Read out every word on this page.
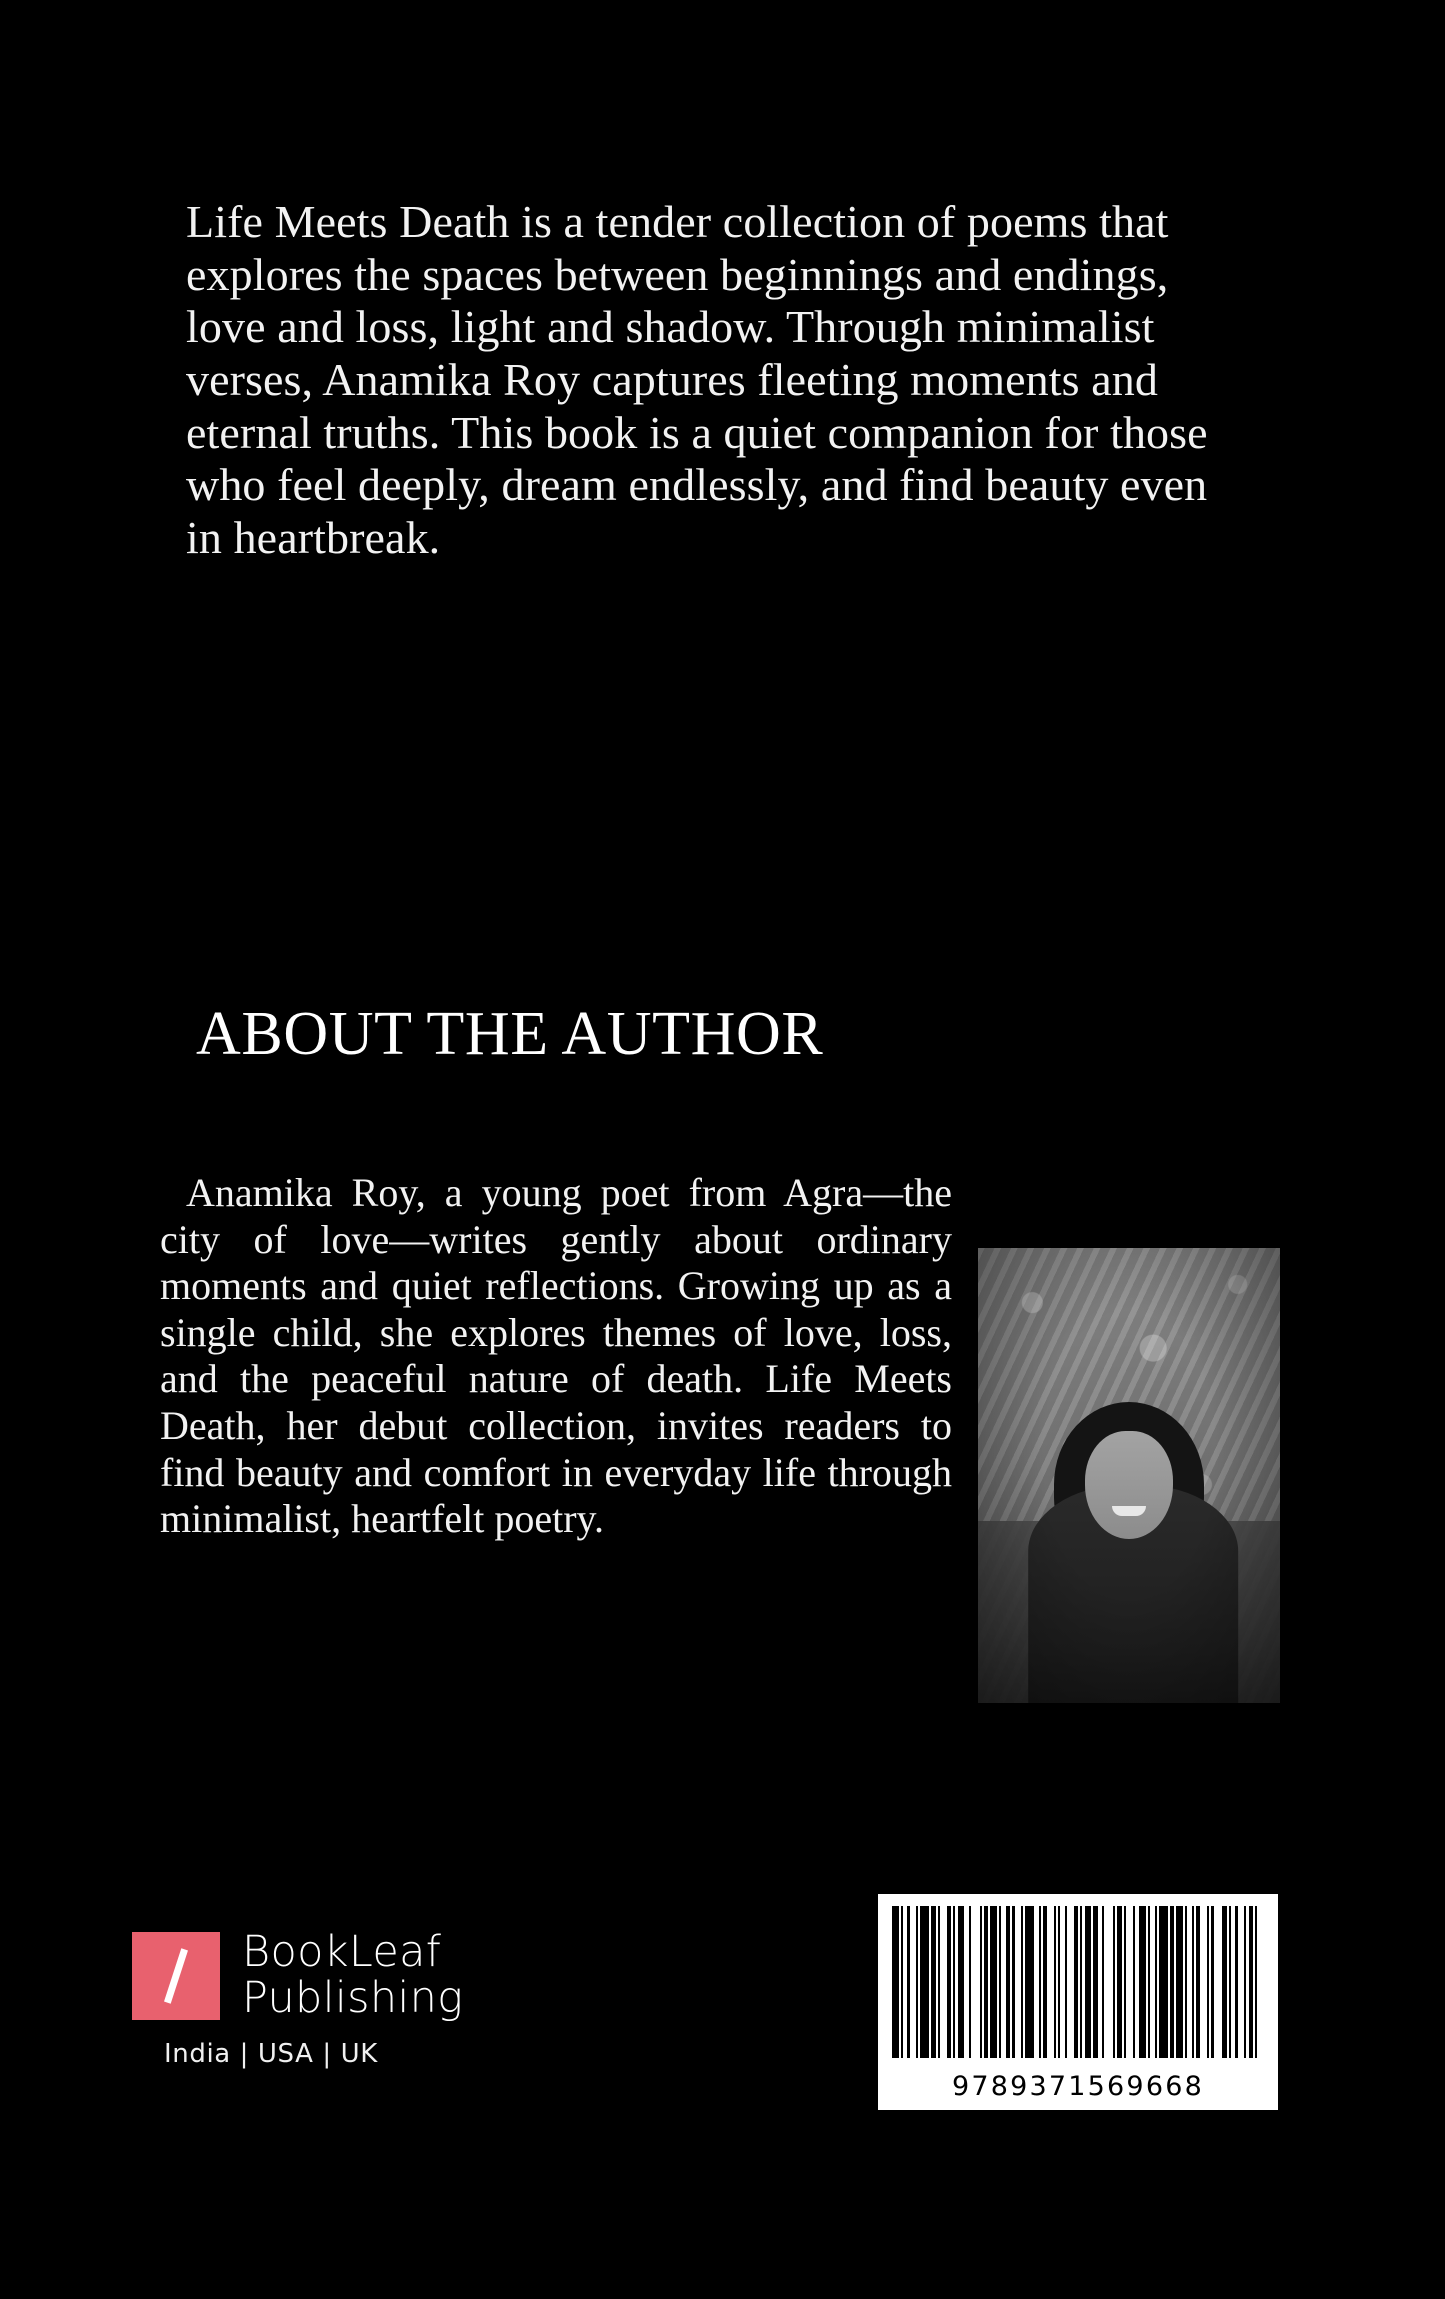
Life Meets Death is a tender collection of poems that explores the spaces between beginnings and endings, love and loss, light and shadow. Through minimalist verses, Anamika Roy captures fleeting moments and eternal truths. This book is a quiet companion for those who feel deeply, dream endlessly, and find beauty even in heartbreak.
ABOUT THE AUTHOR
Anamika Roy, a young poet from Agra—the city of love—writes gently about ordinary moments and quiet reflections. Growing up as a single child, she explores themes of love, loss, and the peaceful nature of death. Life Meets Death, her debut collection, invites readers to find beauty and comfort in everyday life through minimalist, heartfelt poetry.
BookLeaf
Publishing
India | USA | UK
9789371569668
